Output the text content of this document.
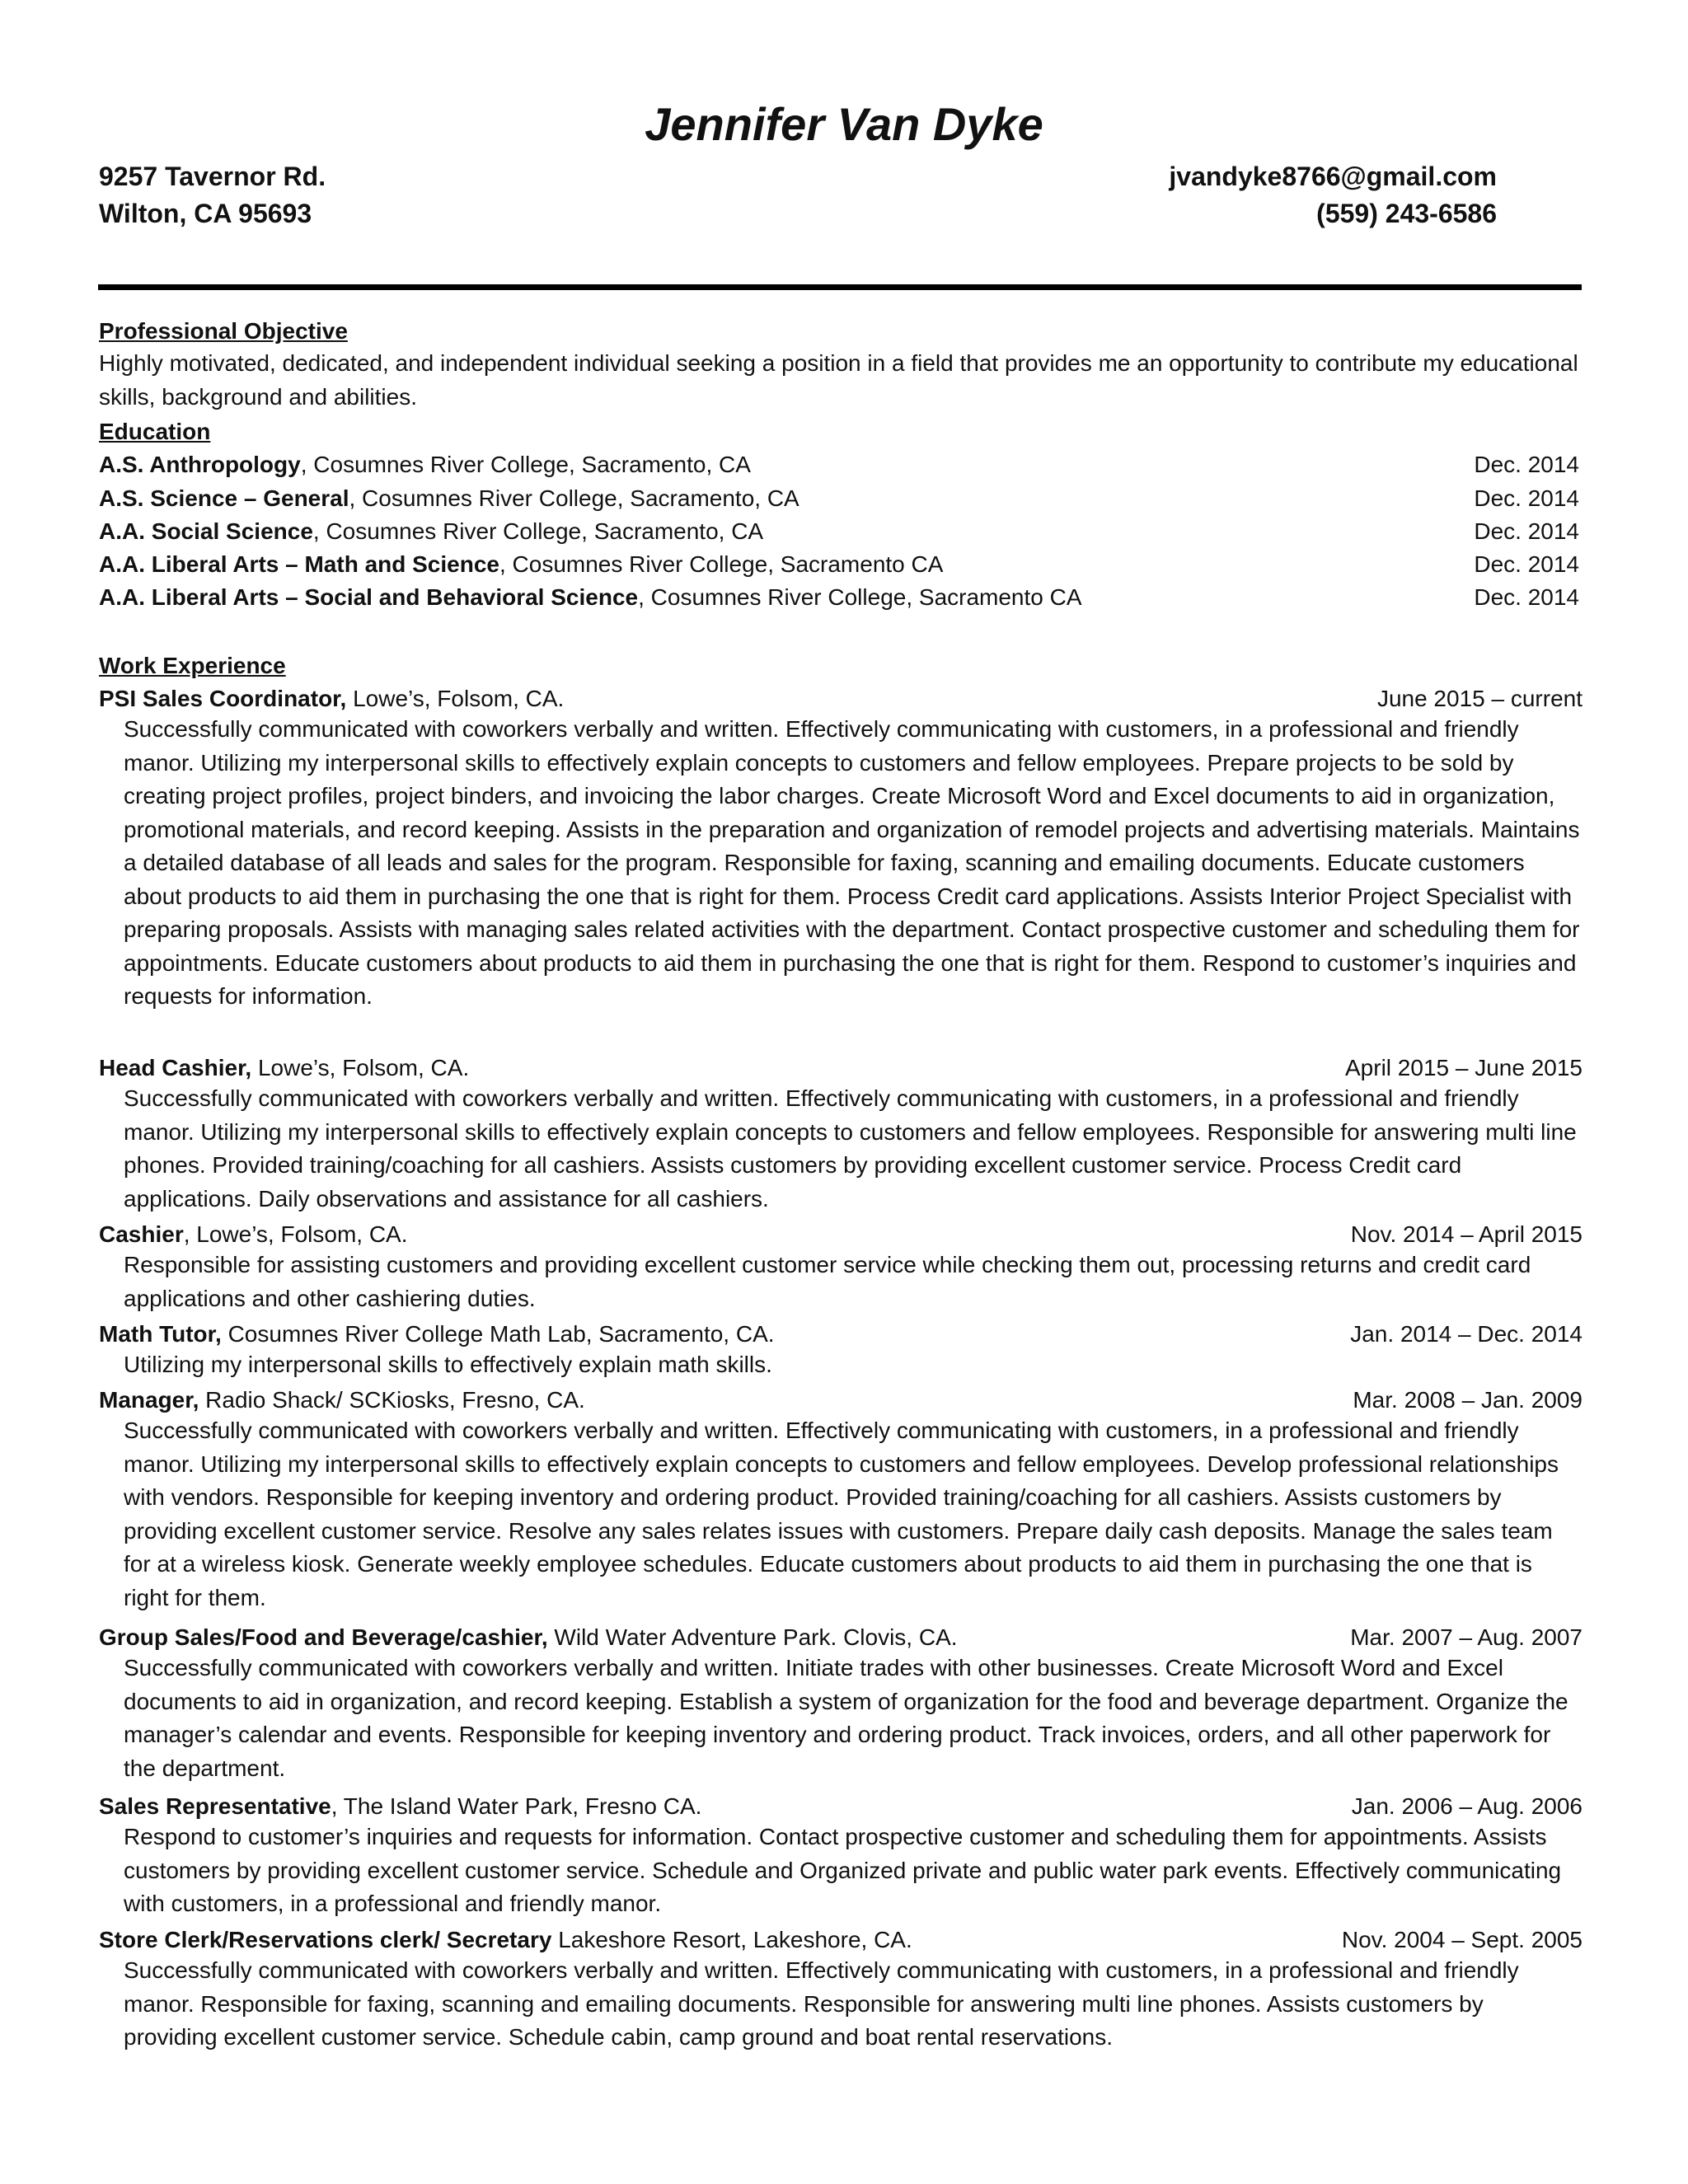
Jennifer Van Dyke
9257 Tavernor Rd.
Wilton, CA 95693
jvandyke8766@gmail.com
(559) 243-6586
Professional Objective
Highly motivated, dedicated, and independent individual seeking a position in a field that provides me an opportunity to contribute my educational skills, background and abilities.
Education
A.S. Anthropology, Cosumnes River College, Sacramento, CA	Dec. 2014
A.S. Science – General, Cosumnes River College, Sacramento, CA	Dec. 2014
A.A. Social Science, Cosumnes River College, Sacramento, CA	Dec. 2014
A.A. Liberal Arts – Math and Science, Cosumnes River College, Sacramento CA	Dec. 2014
A.A. Liberal Arts – Social and Behavioral Science, Cosumnes River College, Sacramento CA	Dec. 2014
Work Experience
PSI Sales Coordinator, Lowe’s, Folsom, CA.	June 2015 – current
Successfully communicated with coworkers verbally and written. Effectively communicating with customers, in a professional and friendly manor. Utilizing my interpersonal skills to effectively explain concepts to customers and fellow employees. Prepare projects to be sold by creating project profiles, project binders, and invoicing the labor charges. Create Microsoft Word and Excel documents to aid in organization, promotional materials, and record keeping. Assists in the preparation and organization of remodel projects and advertising materials. Maintains a detailed database of all leads and sales for the program. Responsible for faxing, scanning and emailing documents. Educate customers about products to aid them in purchasing the one that is right for them. Process Credit card applications. Assists Interior Project Specialist with preparing proposals. Assists with managing sales related activities with the department. Contact prospective customer and scheduling them for appointments. Educate customers about products to aid them in purchasing the one that is right for them. Respond to customer’s inquiries and requests for information.
Head Cashier, Lowe’s, Folsom, CA.	April 2015 – June 2015
Successfully communicated with coworkers verbally and written. Effectively communicating with customers, in a professional and friendly manor. Utilizing my interpersonal skills to effectively explain concepts to customers and fellow employees. Responsible for answering multi line phones. Provided training/coaching for all cashiers. Assists customers by providing excellent customer service. Process Credit card applications. Daily observations and assistance for all cashiers.
Cashier, Lowe’s, Folsom, CA.	Nov. 2014 – April 2015
Responsible for assisting customers and providing excellent customer service while checking them out, processing returns and credit card applications and other cashiering duties.
Math Tutor, Cosumnes River College Math Lab, Sacramento, CA.	Jan. 2014 – Dec. 2014
Utilizing my interpersonal skills to effectively explain math skills.
Manager, Radio Shack/ SCKiosks, Fresno, CA.	Mar. 2008 – Jan. 2009
Successfully communicated with coworkers verbally and written. Effectively communicating with customers, in a professional and friendly manor. Utilizing my interpersonal skills to effectively explain concepts to customers and fellow employees. Develop professional relationships with vendors. Responsible for keeping inventory and ordering product. Provided training/coaching for all cashiers. Assists customers by providing excellent customer service. Resolve any sales relates issues with customers. Prepare daily cash deposits. Manage the sales team for at a wireless kiosk. Generate weekly employee schedules. Educate customers about products to aid them in purchasing the one that is right for them.
Group Sales/Food and Beverage/cashier, Wild Water Adventure Park. Clovis, CA.	Mar. 2007 – Aug. 2007
Successfully communicated with coworkers verbally and written. Initiate trades with other businesses. Create Microsoft Word and Excel documents to aid in organization, and record keeping. Establish a system of organization for the food and beverage department. Organize the manager’s calendar and events. Responsible for keeping inventory and ordering product. Track invoices, orders, and all other paperwork for the department.
Sales Representative, The Island Water Park, Fresno CA.	Jan. 2006 – Aug. 2006
Respond to customer’s inquiries and requests for information. Contact prospective customer and scheduling them for appointments. Assists customers by providing excellent customer service. Schedule and Organized private and public water park events. Effectively communicating with customers, in a professional and friendly manor.
Store Clerk/Reservations clerk/ Secretary Lakeshore Resort, Lakeshore, CA.	Nov. 2004 – Sept. 2005
Successfully communicated with coworkers verbally and written. Effectively communicating with customers, in a professional and friendly manor. Responsible for faxing, scanning and emailing documents. Responsible for answering multi line phones. Assists customers by providing excellent customer service. Schedule cabin, camp ground and boat rental reservations.
